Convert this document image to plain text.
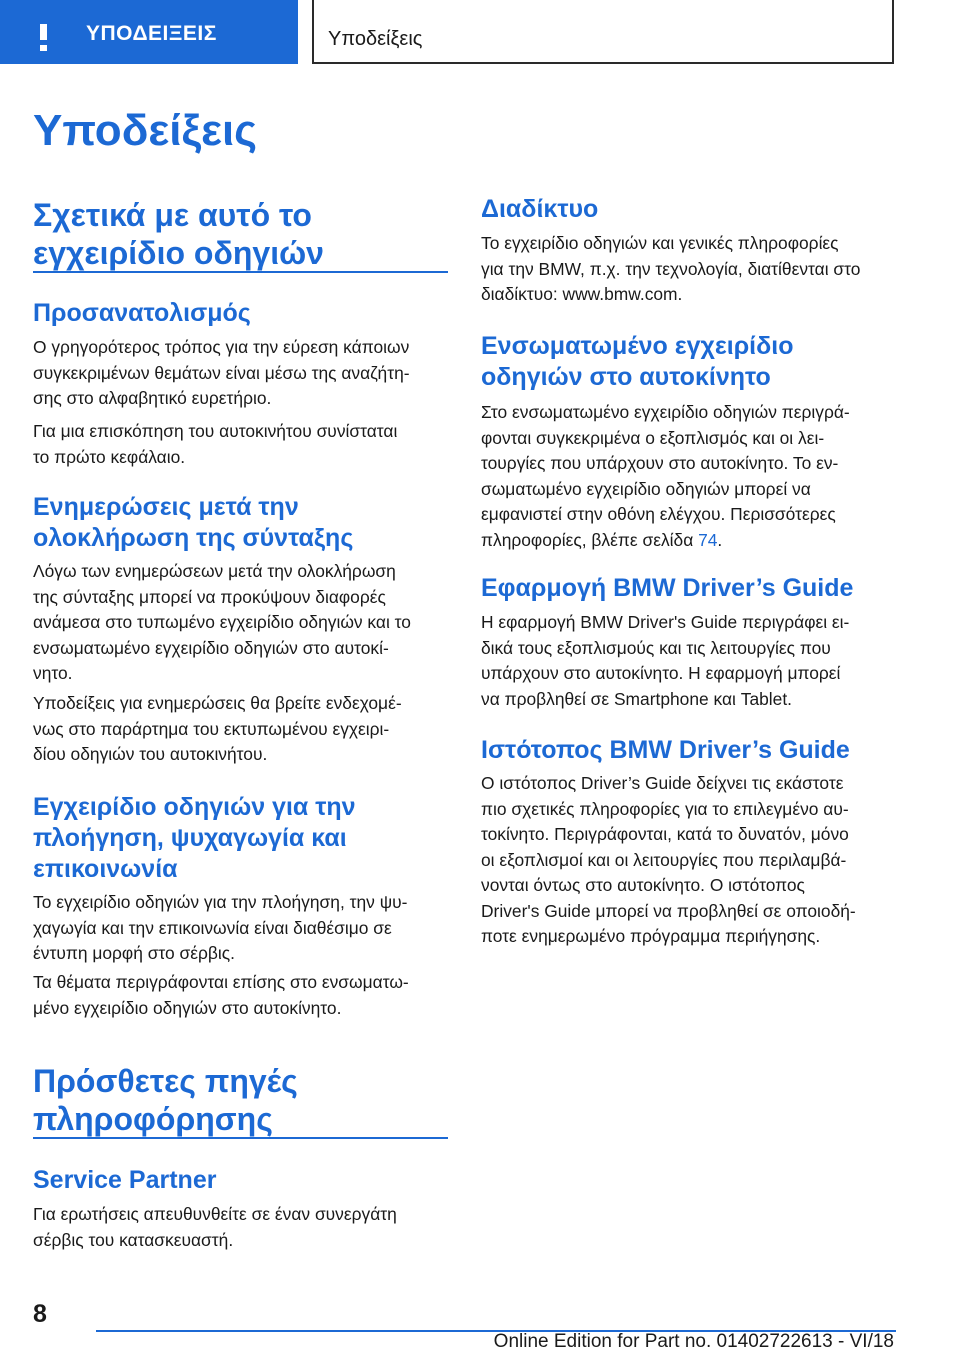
ΥΠΟΔΕΙΞΕΙΣ	Υποδείξεις
Υποδείξεις
Σχετικά με αυτό το
εγχειρίδιο οδηγιών
Προσανατολισμός

Ο γρηγορότερος τρόπος για την εύρεση κάποιων
συγκεκριμένων θεμάτων είναι μέσω της αναζήτη‐
σης στο αλφαβητικό ευρετήριο.

Για μια επισκόπηση του αυτοκινήτου συνίσταται
το πρώτο κεφάλαιο.

Ενημερώσεις μετά την
ολοκλήρωση της σύνταξης

Λόγω των ενημερώσεων μετά την ολοκλήρωση
της σύνταξης μπορεί να προκύψουν διαφορές
ανάμεσα στο τυπωμένο εγχειρίδιο οδηγιών και το
ενσωματωμένο εγχειρίδιο οδηγιών στο αυτοκί‐
νητο.

Υποδείξεις για ενημερώσεις θα βρείτε ενδεχομέ‐
νως στο παράρτημα του εκτυπωμένου εγχειρι‐
δίου οδηγιών του αυτοκινήτου.

Εγχειρίδιο οδηγιών για την
πλοήγηση, ψυχαγωγία και
επικοινωνία

Το εγχειρίδιο οδηγιών για την πλοήγηση, την ψυ‐
χαγωγία και την επικοινωνία είναι διαθέσιμο σε
έντυπη μορφή στο σέρβις.

Τα θέματα περιγράφονται επίσης στο ενσωματω‐
μένο εγχειρίδιο οδηγιών στο αυτοκίνητο.

Πρόσθετες πηγές
πληροφόρησης
Service Partner

Για ερωτήσεις απευθυνθείτε σε έναν συνεργάτη
σέρβις του κατασκευαστή.

Διαδίκτυο

Το εγχειρίδιο οδηγιών και γενικές πληροφορίες
για την BMW, π.χ. την τεχνολογία, διατίθενται στο
διαδίκτυο: www.bmw.com.

Ενσωματωμένο εγχειρίδιο
οδηγιών στο αυτοκίνητο

Στο ενσωματωμένο εγχειρίδιο οδηγιών περιγρά‐
φονται συγκεκριμένα ο εξοπλισμός και οι λει‐
τουργίες που υπάρχουν στο αυτοκίνητο. Το εν‐
σωματωμένο εγχειρίδιο οδηγιών μπορεί να
εμφανιστεί στην οθόνη ελέγχου. Περισσότερες
πληροφορίες, βλέπε σελίδα 74.

Εφαρμογή BMW Driver’s Guide

Η εφαρμογή BMW Driver's Guide περιγράφει ει‐
δικά τους εξοπλισμούς και τις λειτουργίες που
υπάρχουν στο αυτοκίνητο. Η εφαρμογή μπορεί
να προβληθεί σε Smartphone και Tablet.

Ιστότοπος BMW Driver’s Guide

Ο ιστότοπος Driver’s Guide δείχνει τις εκάστοτε
πιο σχετικές πληροφορίες για το επιλεγμένο αυ‐
τοκίνητο. Περιγράφονται, κατά το δυνατόν, μόνο
οι εξοπλισμοί και οι λειτουργίες που περιλαμβά‐
νονται όντως στο αυτοκίνητο. Ο ιστότοπος
Driver's Guide μπορεί να προβληθεί σε οποιοδή‐
ποτε ενημερωμένο πρόγραμμα περιήγησης.

8
Online Edition for Part no. 01402722613 - VI/18
